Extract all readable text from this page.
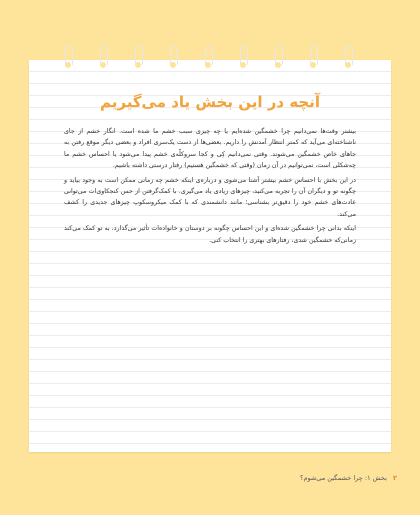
آنچه در این بخش یاد می‌گیریم

بیشتر وقت‌ها نمی‌دانیم چرا خشمگین شده‌ایم یا چه چیزی سبب خشم ما شده است. انگار خشم از جای ناشناخته‌ای می‌آید که کمتر انتظار آمدنش را داریم. بعضی‌ها از دست یک‌سری افراد و بعضی دیگر موقع رفتن به جاهای خاص خشمگین می‌شوند. وقتی نمی‌دانیم کِی و کجا سروکلّه‌ی خشم پیدا می‌شود یا احساس خشم ما چه‌شکلی است، نمی‌توانیم در آن زمان (وقتی که خشمگین هستیم) رفتار درستی داشته باشیم.

در این بخش با احساس خشم بیشتر آشنا می‌شوی و درباره‌ی اینکه خشم چه زمانی ممکن است به وجود بیاید و چگونه تو و دیگران آن را تجربه می‌کنید، چیزهای زیادی یاد می‌گیری. با کمک‌گرفتن از حس کنجکاوی‌ات می‌توانی عادت‌های خشم خود را دقیق‌تر بشناسی؛ مانند دانشمندی که با کمک میکروسکوپ چیزهای جدیدی را کشف می‌کند.

اینکه بدانی چرا خشمگین شده‌ای و این احساس چگونه بر دوستان و خانواده‌ات تأثیر می‌گذارد، به تو کمک می‌کند زمانی‌که خشمگین شدی، رفتارهای بهتری را انتخاب کنی.

۲ بخش ۱: چرا خشمگین می‌شوم؟
